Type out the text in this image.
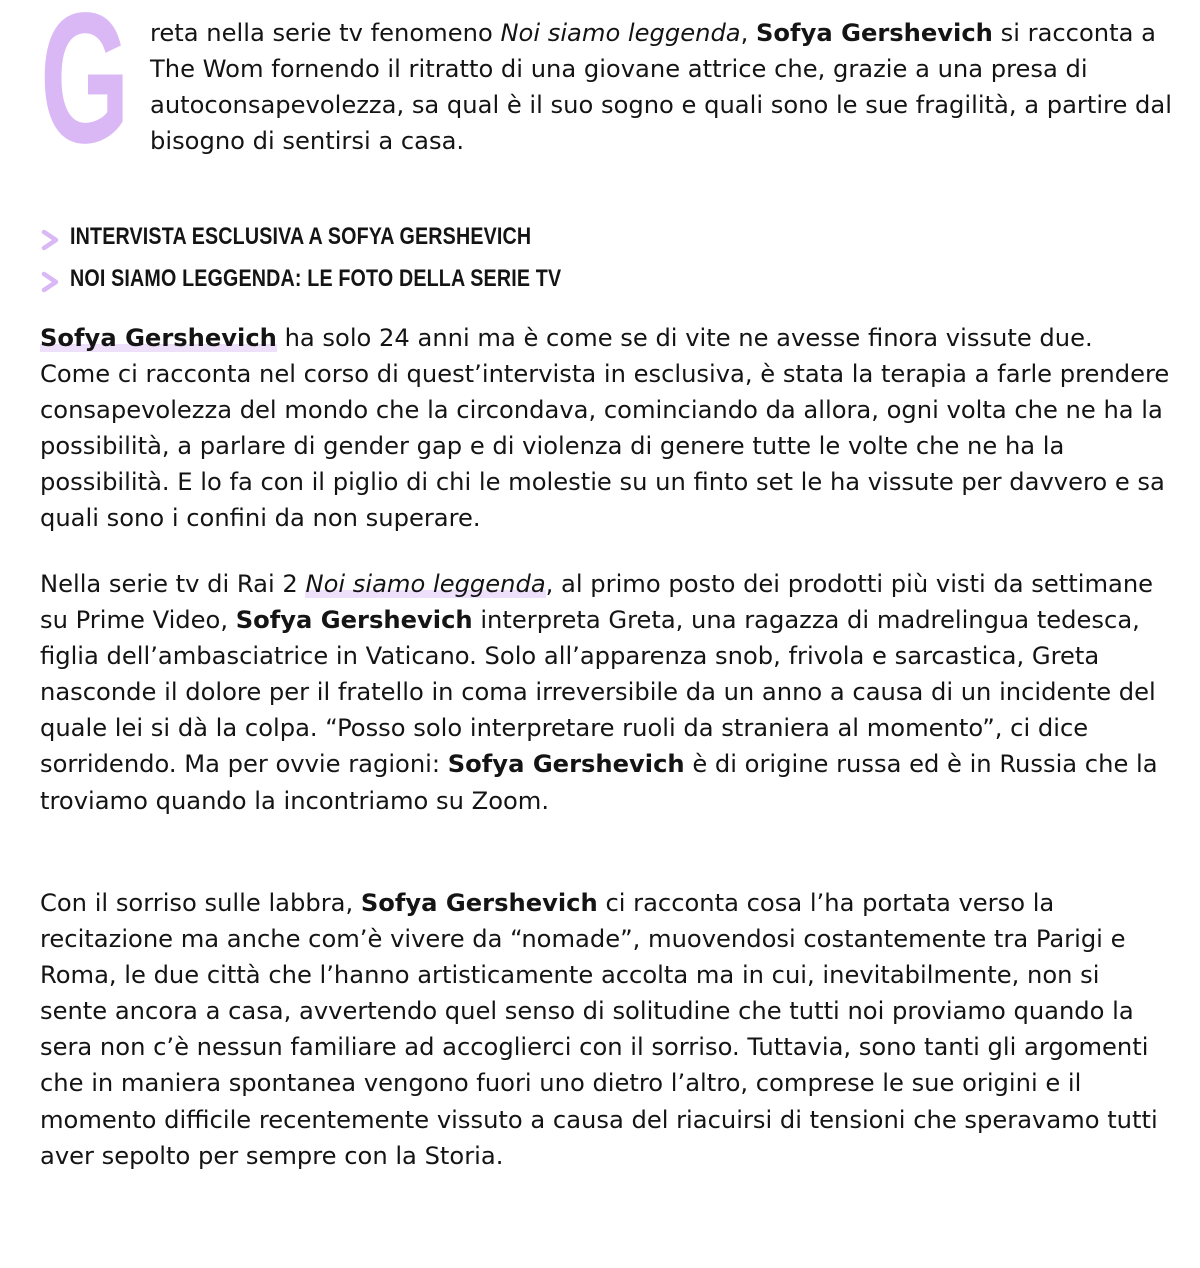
G reta nella serie tv fenomeno Noi siamo leggenda, Sofya Gershevich si racconta a The Wom fornendo il ritratto di una giovane attrice che, grazie a una presa di autoconsapevolezza, sa qual è il suo sogno e quali sono le sue fragilità, a partire dal bisogno di sentirsi a casa.
INTERVISTA ESCLUSIVA A SOFYA GERSHEVICH
NOI SIAMO LEGGENDA: LE FOTO DELLA SERIE TV
Sofya Gershevich ha solo 24 anni ma è come se di vite ne avesse finora vissute due. Come ci racconta nel corso di quest’intervista in esclusiva, è stata la terapia a farle prendere consapevolezza del mondo che la circondava, cominciando da allora, ogni volta che ne ha la possibilità, a parlare di gender gap e di violenza di genere tutte le volte che ne ha la possibilità. E lo fa con il piglio di chi le molestie su un finto set le ha vissute per davvero e sa quali sono i confini da non superare.
Nella serie tv di Rai 2 Noi siamo leggenda, al primo posto dei prodotti più visti da settimane su Prime Video, Sofya Gershevich interpreta Greta, una ragazza di madrelingua tedesca, figlia dell’ambasciatrice in Vaticano. Solo all’apparenza snob, frivola e sarcastica, Greta nasconde il dolore per il fratello in coma irreversibile da un anno a causa di un incidente del quale lei si dà la colpa. “Posso solo interpretare ruoli da straniera al momento”, ci dice sorridendo. Ma per ovvie ragioni: Sofya Gershevich è di origine russa ed è in Russia che la troviamo quando la incontriamo su Zoom.
Con il sorriso sulle labbra, Sofya Gershevich ci racconta cosa l’ha portata verso la recitazione ma anche com’è vivere da “nomade”, muovendosi costantemente tra Parigi e Roma, le due città che l’hanno artisticamente accolta ma in cui, inevitabilmente, non si sente ancora a casa, avvertendo quel senso di solitudine che tutti noi proviamo quando la sera non c’è nessun familiare ad accoglierci con il sorriso. Tuttavia, sono tanti gli argomenti che in maniera spontanea vengono fuori uno dietro l’altro, comprese le sue origini e il momento difficile recentemente vissuto a causa del riacuirsi di tensioni che speravamo tutti aver sepolto per sempre con la Storia.
